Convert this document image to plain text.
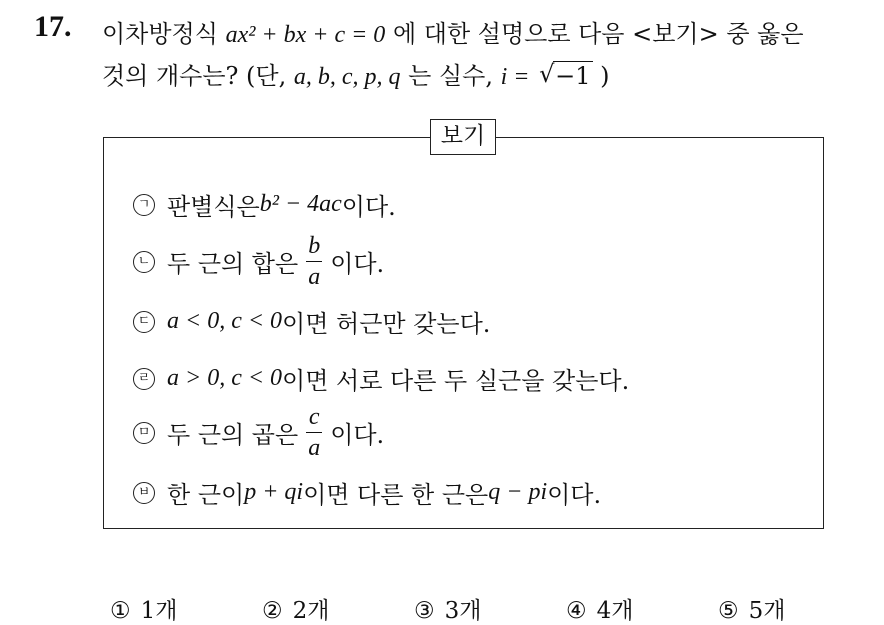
17. 이차방정식 ax² + bx + c = 0 에 대한 설명으로 다음 <보기> 중 옳은
것의 개수는? (단, a, b, c, p, q 는 실수, i = √ −1 )
보기
ㄱ 판별식은 b² − 4ac 이다.
ㄴ 두 근의 합은 $\frac{b}{a}$ 이다.
ㄷ a < 0, c < 0 이면 허근만 갖는다.
ㄹ a > 0, c < 0 이면 서로 다른 두 실근을 갖는다.
ㅁ 두 근의 곱은 $\frac{c}{a}$ 이다.
ㅂ 한 근이 p + qi 이면 다른 한 근은 q − pi 이다.
① 1개	② 2개	③ 3개	④ 4개	⑤ 5개
